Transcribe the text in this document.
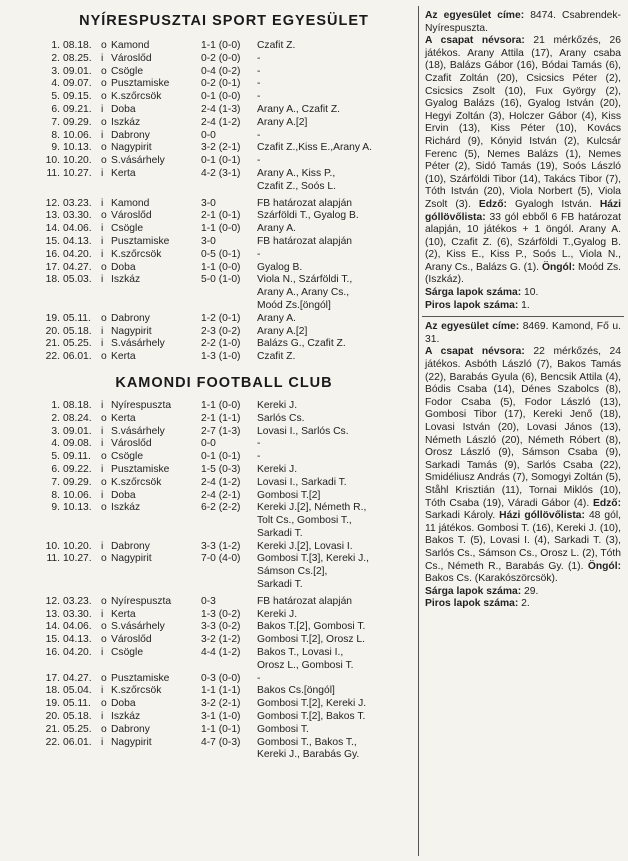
NYÍRESPUSZTAI SPORT EGYESÜLET
1. 08.18. o Kamond	1-1 (0-0)	Czafit Z.
2. 08.25. i Városlőd	0-2 (0-0)	-
3. 09.01. o Csögle	0-4 (0-2)	-
4. 09.07. o Pusztamiske	0-2 (0-1)	-
5. 09.15. o K.szőrcsök	0-1 (0-0)	-
6. 09.21. i Doba	2-4 (1-3)	Arany A., Czafit Z.
7. 09.29. o Iszkáz	2-4 (1-2)	Arany A.[2]
8. 10.06. i Dabrony	0-0	-
9. 10.13. o Nagypirit	3-2 (2-1)	Czafit Z.,Kiss E.,Arany A.
10. 10.20. o S.vásárhely	0-1 (0-1)	-
11. 10.27. i Kerta	4-2 (3-1)	Arany A., Kiss P.,
Czafit Z., Soós L.
12. 03.23. i Kamond	3-0	FB határozat alapján
13. 03.30. o Városlőd	2-1 (0-1)	Szárföldi T., Gyalog B.
14. 04.06. i Csögle	1-1 (0-0)	Arany A.
15. 04.13. i Pusztamiske	3-0	FB határozat alapján
16. 04.20. i K.szőrcsök	0-5 (0-1)	-
17. 04.27. o Doba	1-1 (0-0)	Gyalog B.
18. 05.03. i Iszkáz	5-0 (1-0)	Viola N., Szárföldi T.,
Arany A., Arany Cs.,
Moód Zs.[öngól]
19. 05.11. o Dabrony	1-2 (0-1)	Arany A.
20. 05.18. i Nagypirit	2-3 (0-2)	Arany A.[2]
21. 05.25. i S.vásárhely	2-2 (1-0)	Balázs G., Czafit Z.
22. 06.01. o Kerta	1-3 (1-0)	Czafit Z.
KAMONDI FOOTBALL CLUB
1. 08.18. i Nyírespuszta	1-1 (0-0)	Kereki J.
2. 08.24. o Kerta	2-1 (1-1)	Sarlós Cs.
3. 09.01. i S.vásárhely	2-7 (1-3)	Lovasi I., Sarlós Cs.
4. 09.08. i Városlőd	0-0	-
5. 09.11. o Csögle	0-1 (0-1)	-
6. 09.22. i Pusztamiske	1-5 (0-3)	Kereki J.
7. 09.29. o K.szőrcsök	2-4 (1-2)	Lovasi I., Sarkadi T.
8. 10.06. i Doba	2-4 (2-1)	Gombosi T.[2]
9. 10.13. o Iszkáz	6-2 (2-2)	Kereki J.[2], Németh R.,
Tolt Cs., Gombosi T.,
Sarkadi T.
10. 10.20. i Dabrony	3-3 (1-2)	Kereki J.[2], Lovasi I.
11. 10.27. o Nagypirit	7-0 (4-0)	Gombosi T.[3], Kereki J.,
Sámson Cs.[2],
Sarkadi T.
12. 03.23. o Nyírespuszta	0-3	FB határozat alapján
13. 03.30. i Kerta	1-3 (0-2)	Kereki J.
14. 04.06. o S.vásárhely	3-3 (0-2)	Bakos T.[2], Gombosi T.
15. 04.13. o Városlőd	3-2 (1-2)	Gombosi T.[2], Orosz L.
16. 04.20. i Csögle	4-4 (1-2)	Bakos T., Lovasi I.,
Orosz L., Gombosi T.
17. 04.27. o Pusztamiske	0-3 (0-0)	-
18. 05.04. i K.szőrcsök	1-1 (1-1)	Bakos Cs.[öngól]
19. 05.11. o Doba	3-2 (2-1)	Gombosi T.[2], Kereki J.
20. 05.18. i Iszkáz	3-1 (1-0)	Gombosi T.[2], Bakos T.
21. 05.25. o Dabrony	1-1 (0-1)	Gombosi T.
22. 06.01. i Nagypirit	4-7 (0-3)	Gombosi T., Bakos T.,
Kereki J., Barabás Gy.
Az egyesület címe: 8474. Csabrendek-Nyírespuszta.
A csapat névsora: 21 mérkőzés, 26 játékos. Arany Attila (17), Arany csaba (18), Balázs Gábor (16), Bódai Tamás (6), Czafit Zoltán (20), Csicsics Péter (2), Csicsics Zsolt (10), Fux György (2), Gyalog Balázs (16), Gyalog István (20), Hegyi Zoltán (3), Holczer Gábor (4), Kiss Ervin (13), Kiss Péter (10), Kovács Richárd (9), Kónyid István (2), Kulcsár Ferenc (5), Nemes Balázs (1), Nemes Péter (2), Sidó Tamás (19), Soós László (10), Szárföldi Tibor (14), Takács Tibor (7), Tóth István (20), Viola Norbert (5), Viola Zsolt (3). Edző: Gyalogh István. Házi góllövőlista: 33 gól ebből 6 FB határozat alapján, 10 játékos + 1 öngól. Arany A. (10), Czafit Z. (6), Szárföldi T.,Gyalog B. (2), Kiss E., Kiss P., Soós L., Viola N., Arany Cs., Balázs G. (1). Öngól: Moód Zs. (Iszkáz).
Sárga lapok száma: 10.
Piros lapok száma: 1.
Az egyesület címe: 8469. Kamond, Fő u. 31.
A csapat névsora: 22 mérkőzés, 24 játékos. Asbóth László (7), Bakos Tamás (22), Barabás Gyula (6), Bencsik Attila (4), Bódis Csaba (14), Dénes Szabolcs (8), Fodor Csaba (5), Fodor László (13), Gombosi Tibor (17), Kereki Jenő (18), Lovasi István (20), Lovasi János (13), Németh László (20), Németh Róbert (8), Orosz László (9), Sámson Csaba (9), Sarkadi Tamás (9), Sarlós Csaba (22), Smidéliusz András (7), Somogyi Zoltán (5), Ståhl Krisztián (11), Tornai Miklós (10), Tóth Csaba (19), Váradi Gábor (4). Edző: Sarkadi Károly. Házi góllövőlista: 48 gól, 11 játékos. Gombosi T. (16), Kereki J. (10), Bakos T. (5), Lovasi I. (4), Sarkadi T. (3), Sarlós Cs., Sámson Cs., Orosz L. (2), Tóth Cs., Németh R., Barabás Gy. (1). Öngól: Bakos Cs. (Karakószörcsök).
Sárga lapok száma: 29.
Piros lapok száma: 2.
